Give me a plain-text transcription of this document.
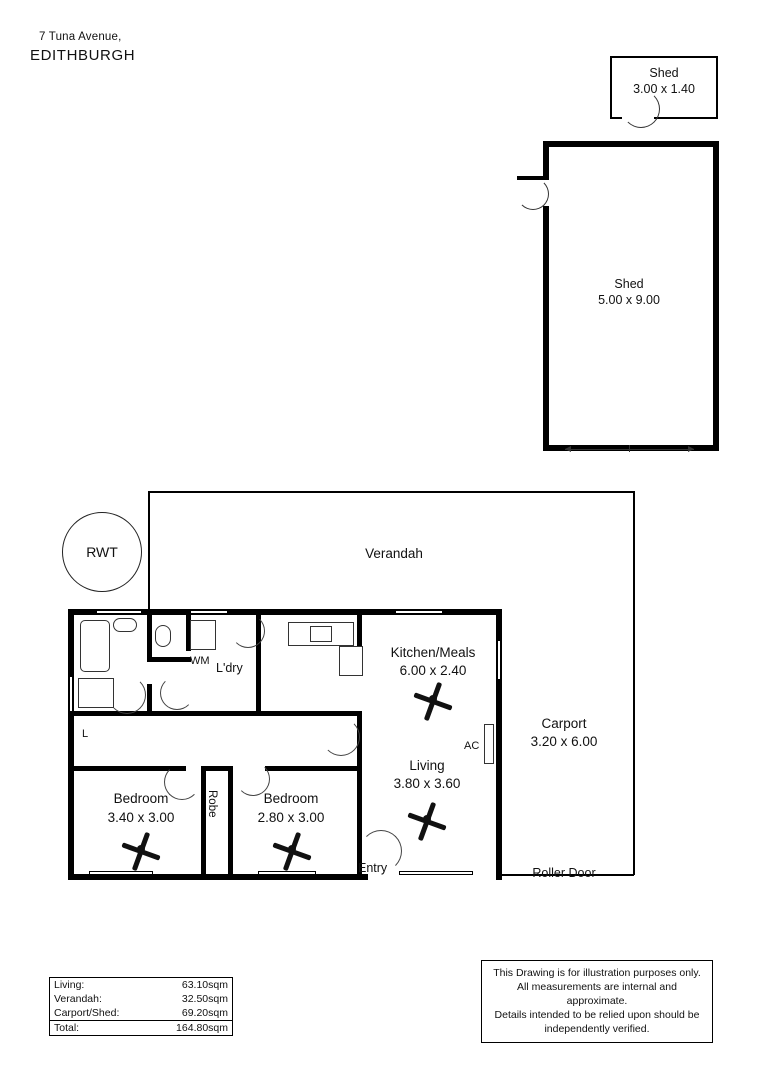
7 Tuna Avenue,
EDITHBURGH
Shed
3.00 x 1.40
Shed
5.00 x 9.00
Verandah
RWT
Carport
3.20 x 6.00
Roller Door
Kitchen/Meals
6.00 x 2.40
Living
3.80 x 3.60
Bedroom
3.40 x 3.00
Bedroom
2.80 x 3.00
L'dry
WM
AC
L
Entry
Robe
Living:	63.10sqm
Verandah:	32.50sqm
Carport/Shed:	69.20sqm
Total:	164.80sqm
This Drawing is for illustration purposes only.
All measurements are internal and approximate.
Details intended to be relied upon should be
independently verified.
